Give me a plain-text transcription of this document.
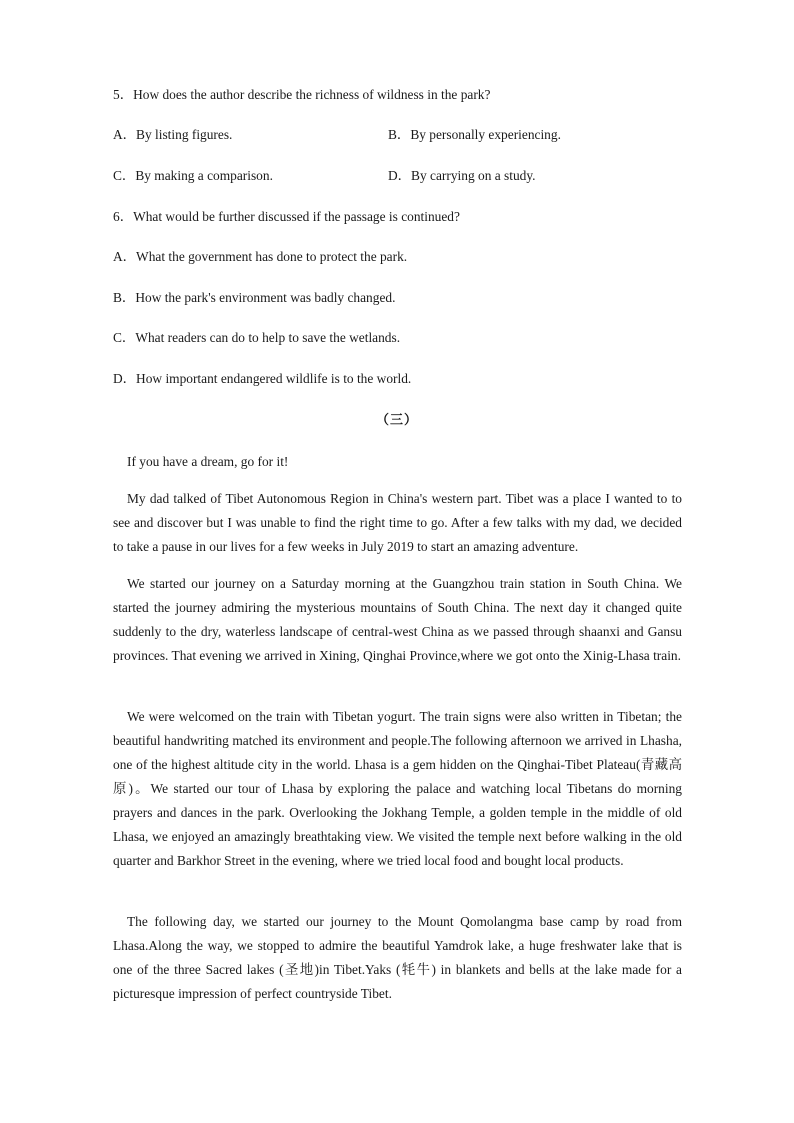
5．How does the author describe the richness of wildness in the park?
A．By listing figures.	B．By personally experiencing.
C．By making a comparison.	D．By carrying on a study.
6．What would be further discussed if the passage is continued?
A．What the government has done to protect the park.
B．How the park's environment was badly changed.
C．What readers can do to help to save the wetlands.
D．How important endangered wildlife is to the world.
（三）
If you have a dream, go for it!
My dad talked of Tibet Autonomous Region in China's western part. Tibet was a place I wanted to to see and discover but I was unable to find the right time to go. After a few talks with my dad, we decided to take a pause in our lives for a few weeks in July 2019 to start an amazing adventure.
We started our journey on a Saturday morning at the Guangzhou train station in South China. We started the journey admiring the mysterious mountains of South China. The next day it changed quite suddenly to the dry, waterless landscape of central-west China as we passed through shaanxi and Gansu provinces. That evening we arrived in Xining, Qinghai Province,where we got onto the Xinig-Lhasa train.
We were welcomed on the train with Tibetan yogurt. The train signs were also written in Tibetan; the beautiful handwriting matched its environment and people.The following afternoon we arrived in Lhasha, one of the highest altitude city in the world. Lhasa is a gem hidden on the Qinghai-Tibet Plateau(青藏高原)。We started our tour of Lhasa by exploring the palace and watching local Tibetans do morning prayers and dances in the park. Overlooking the Jokhang Temple, a golden temple in the middle of old Lhasa, we enjoyed an amazingly breathtaking view. We visited the temple next before walking in the old quarter and Barkhor Street in the evening, where we tried local food and bought local products.
The following day, we started our journey to the Mount Qomolangma base camp by road from Lhasa.Along the way, we stopped to admire the beautiful Yamdrok lake, a huge freshwater lake that is one of the three Sacred lakes (圣地)in Tibet.Yaks (牦牛) in blankets and bells at the lake made for a picturesque impression of perfect countryside Tibet.
